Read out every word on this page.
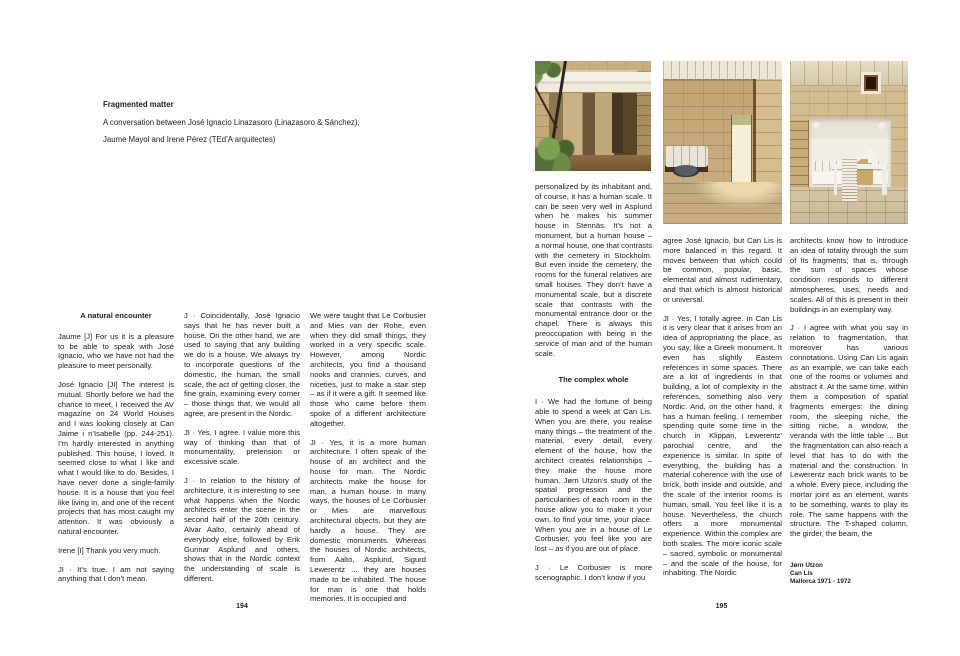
Fragmented matter
A conversation between José Ignacio Linazasoro (Linazasoro & Sánchez),
Jaume Mayol and Irene Pérez (TEd’A arquitectes)
A natural encounter

Jaume [J] For us it is a pleasure to be able to speak with José Ignacio, who we have not had the pleasure to meet personally.

José Ignacio [JI] The interest is mutual. Shortly before we had the chance to meet, I received the AV magazine on 24 World Houses and I was looking closely at Can Jaime i n’Isabelle (pp. 244-251). I’m hardly interested in anything published. This house, I loved. It seemed close to what I like and what I would like to do. Besides, I have never done a single-family house. It is a house that you feel like living in, and one of the recent projects that has most caught my attention. It was obviously a natural encounter.

Irene [I] Thank you very much.

JI · It’s true. I am not saying anything that I don’t mean.

J · Coincidentally, José Ignacio says that he has never built a house. On the other hand, we are used to saying that any building we do is a house. We always try to incorporate questions of the domestic, the human, the small scale, the act of getting closer, the fine grain, examining every corner – those things that, we would all agree, are present in the Nordic.

JI · Yes, I agree. I value more this way of thinking than that of monumentality, pretension or excessive scale.

J · In relation to the history of architecture, it is interesting to see what happens when the Nordic architects enter the scene in the second half of the 20th century. Alvar Aalto, certainly ahead of everybody else, followed by Erik Gunnar Asplund and others, shows that in the Nordic context the understanding of scale is different.

We were taught that Le Corbusier and Mies van der Rohe, even when they did small things, they worked in a very specific scale. However, among Nordic architects, you find a thousand nooks and crannies, curves, and niceties, just to make a stair step – as if it were a gift. It seemed like those who came before them spoke of a different architecture altogether.

JI · Yes, it is a more human architecture. I often speak of the house of an architect and the house for man. The Nordic architects make the house for man, a human house. In many ways, the houses of Le Corbusier or Mies are marvellous architectural objects, but they are hardly a house. They are domestic monuments. Whereas the houses of Nordic architects, from Aalto, Asplund, Sigurd Lewerentz ... they are houses made to be inhabited. The house for man is one that holds memories. It is occupied and

194

personalized by its inhabitant and, of course, it has a human scale. It can be seen very well in Asplund when he makes his summer house in Stennäs. It’s not a monument, but a human house – a normal house, one that contrasts with the cemetery in Stockholm. But even inside the cemetery, the rooms for the funeral relatives are small houses. They don’t have a monumental scale, but a discrete scale that contrasts with the monumental entrance door or the chapel. There is always this preoccupation with being in the service of man and of the human scale.

The complex whole

I · We had the fortune of being able to spend a week at Can Lis. When you are there, you realise many things – the treatment of the material, every detail, every element of the house, how the architect creates relationships – they make the house more human. Jørn Utzon’s study of the spatial progression and the particularities of each room in the house allow you to make it your own, to find your time, your place. When you are in a house of Le Corbusier, you feel like you are lost – as if you are out of place.

J · Le Corbusier is more scenographic. I don’t know if you

agree José Ignacio, but Can Lis is more balanced in this regard. It moves between that which could be common, popular, basic, elemental and almost rudimentary, and that which is almost historical or universal.

JI · Yes, I totally agree. In Can Lis it is very clear that it arises from an idea of appropriating the place, as you say, like a Greek monument. It even has slightly Eastern references in some spaces. There are a lot of ingredients in that building, a lot of complexity in the references, something also very Nordic. And, on the other hand, it has a human feeling. I remember spending quite some time in the church in Klippan, Lewerentz’ parochial centre, and the experience is similar. In spite of everything, the building has a material coherence with the use of brick, both inside and outside, and the scale of the interior rooms is human, small. You feel like it is a house. Nevertheless, the church offers a more monumental experience. Within the complex are both scales. The more iconic scale – sacred, symbolic or monumental – and the scale of the house, for inhabiting. The Nordic

architects know how to introduce an idea of totality through the sum of its fragments; that is, through the sum of spaces whose condition responds to different atmospheres, uses, needs and scales. All of this is present in their buildings in an exemplary way.

J · I agree with what you say in relation to fragmentation, that moreover has various connotations. Using Can Lis again as an example, we can take each one of the rooms or volumes and abstract it. At the same time, within them a composition of spatial fragments emerges: the dining room, the sleeping niche, the sitting niche, a window, the veranda with the little table ... But the fragmentation can also reach a level that has to do with the material and the construction. In Lewerentz each brick wants to be a whole. Every piece, including the mortar joint as an element, wants to be something, wants to play its role. The same happens with the structure. The T-shaped column, the girder, the beam, the

Jørn Utzon
Can Lis
Mallorca 1971 - 1972
195
